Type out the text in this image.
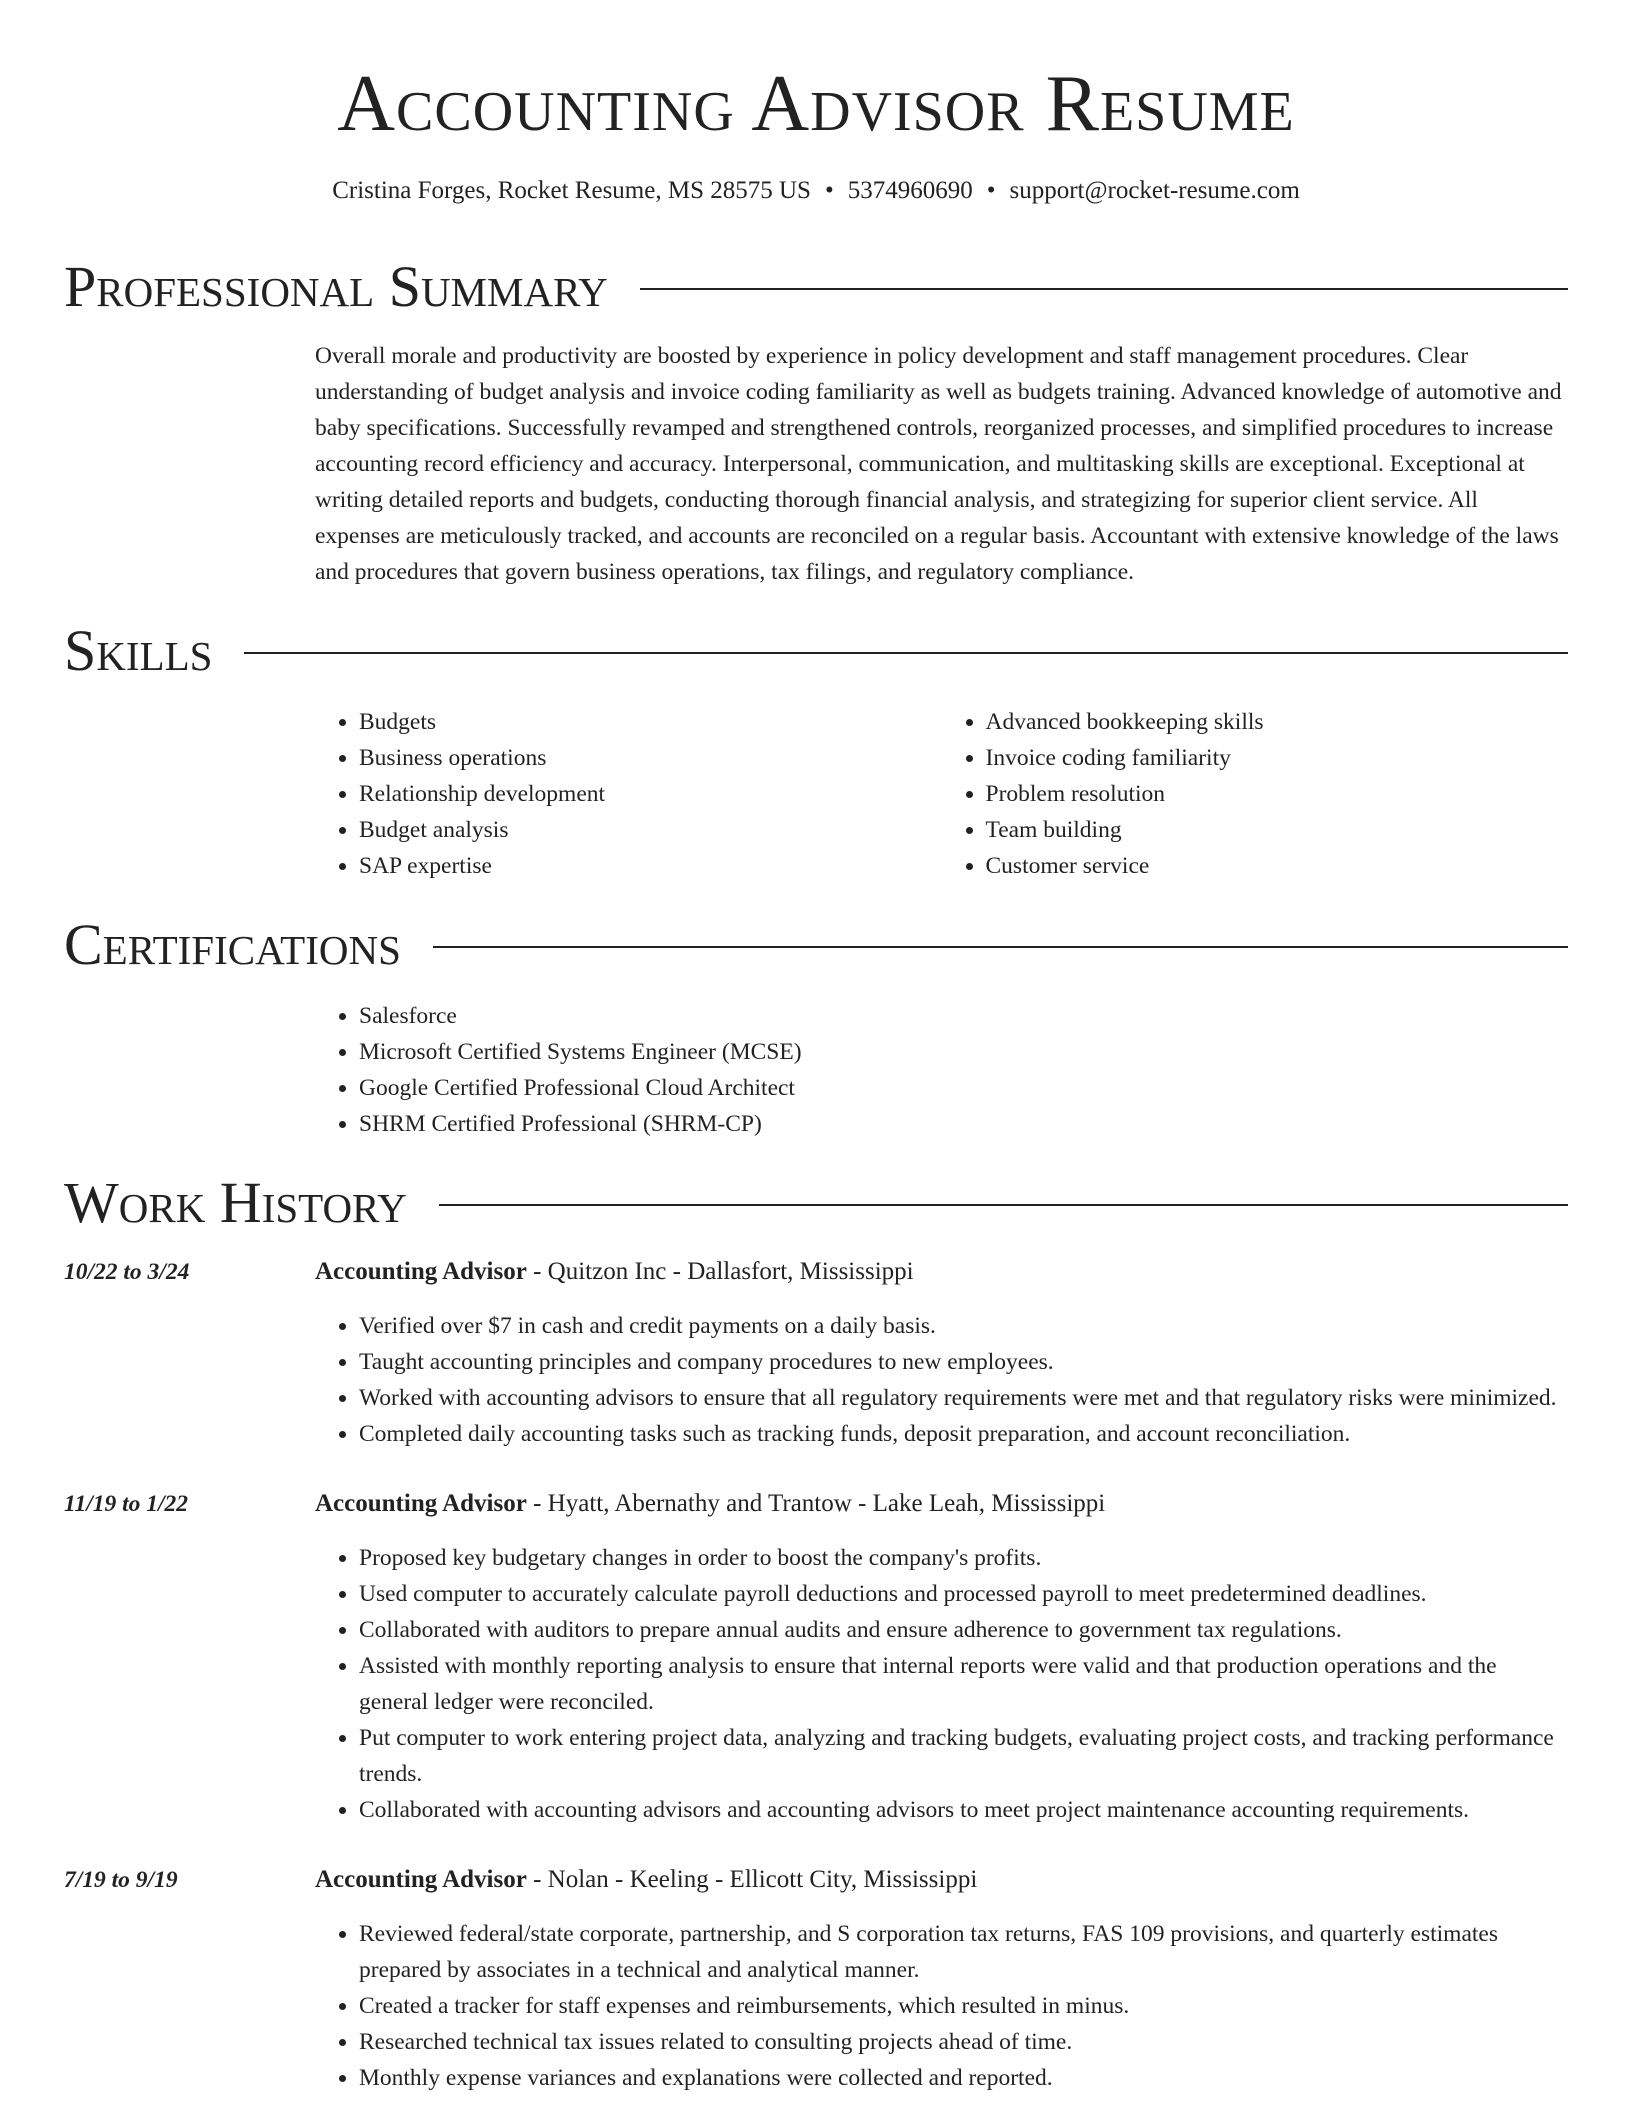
Accounting Advisor Resume
Cristina Forges, Rocket Resume, MS 28575 US • 5374960690 • support@rocket-resume.com
Professional Summary

Overall morale and productivity are boosted by experience in policy development and staff management procedures. Clear understanding of budget analysis and invoice coding familiarity as well as budgets training. Advanced knowledge of automotive and baby specifications. Successfully revamped and strengthened controls, reorganized processes, and simplified procedures to increase accounting record efficiency and accuracy. Interpersonal, communication, and multitasking skills are exceptional. Exceptional at writing detailed reports and budgets, conducting thorough financial analysis, and strategizing for superior client service. All expenses are meticulously tracked, and accounts are reconciled on a regular basis. Accountant with extensive knowledge of the laws and procedures that govern business operations, tax filings, and regulatory compliance.

Skills
• Budgets
• Business operations
• Relationship development
• Budget analysis
• SAP expertise
• Advanced bookkeeping skills
• Invoice coding familiarity
• Problem resolution
• Team building
• Customer service
Certifications
• Salesforce
• Microsoft Certified Systems Engineer (MCSE)
• Google Certified Professional Cloud Architect
• SHRM Certified Professional (SHRM-CP)
Work History
10/22 to 3/24	Accounting Advisor - Quitzon Inc - Dallasfort, Mississippi
• Verified over $7 in cash and credit payments on a daily basis.
• Taught accounting principles and company procedures to new employees.
• Worked with accounting advisors to ensure that all regulatory requirements were met and that regulatory risks were minimized.
• Completed daily accounting tasks such as tracking funds, deposit preparation, and account reconciliation.
11/19 to 1/22	Accounting Advisor - Hyatt, Abernathy and Trantow - Lake Leah, Mississippi
• Proposed key budgetary changes in order to boost the company's profits.
• Used computer to accurately calculate payroll deductions and processed payroll to meet predetermined deadlines.
• Collaborated with auditors to prepare annual audits and ensure adherence to government tax regulations.
• Assisted with monthly reporting analysis to ensure that internal reports were valid and that production operations and the general ledger were reconciled.
• Put computer to work entering project data, analyzing and tracking budgets, evaluating project costs, and tracking performance trends.
• Collaborated with accounting advisors and accounting advisors to meet project maintenance accounting requirements.
7/19 to 9/19	Accounting Advisor - Nolan - Keeling - Ellicott City, Mississippi
• Reviewed federal/state corporate, partnership, and S corporation tax returns, FAS 109 provisions, and quarterly estimates prepared by associates in a technical and analytical manner.
• Created a tracker for staff expenses and reimbursements, which resulted in minus.
• Researched technical tax issues related to consulting projects ahead of time.
• Monthly expense variances and explanations were collected and reported.
